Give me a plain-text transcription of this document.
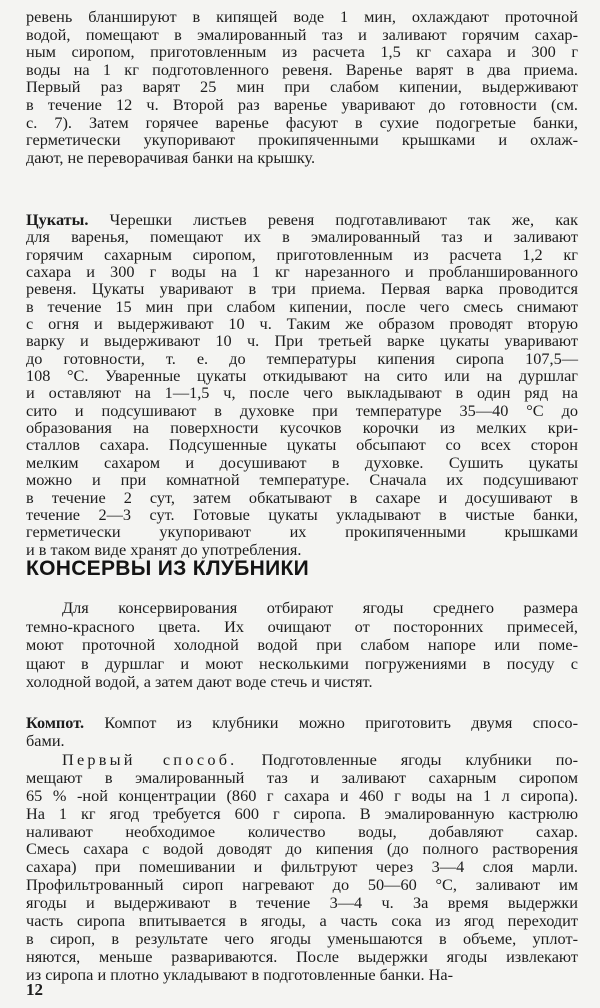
ревень бланшируют в кипящей воде 1 мин, охлаждают проточной
водой, помещают в эмалированный таз и заливают горячим сахар-
ным сиропом, приготовленным из расчета 1,5 кг сахара и 300 г
воды на 1 кг подготовленного ревеня. Варенье варят в два приема.
Первый раз варят 25 мин при слабом кипении, выдерживают
в течение 12 ч. Второй раз варенье уваривают до готовности (см.
с. 7). Затем горячее варенье фасуют в сухие подогретые банки,
герметически укупоривают прокипяченными крышками и охлаж-
дают, не переворачивая банки на крышку.
Цукаты. Черешки листьев ревеня подготавливают так же, как
для варенья, помещают их в эмалированный таз и заливают
горячим сахарным сиропом, приготовленным из расчета 1,2 кг
сахара и 300 г воды на 1 кг нарезанного и пробланшированного
ревеня. Цукаты уваривают в три приема. Первая варка проводится
в течение 15 мин при слабом кипении, после чего смесь снимают
с огня и выдерживают 10 ч. Таким же образом проводят вторую
варку и выдерживают 10 ч. При третьей варке цукаты уваривают
до готовности, т. е. до температуры кипения сиропа 107,5—
108 °С. Уваренные цукаты откидывают на сито или на дуршлаг
и оставляют на 1—1,5 ч, после чего выкладывают в один ряд на
сито и подсушивают в духовке при температуре 35—40 °С до
образования на поверхности кусочков корочки из мелких кри-
сталлов сахара. Подсушенные цукаты обсыпают со всех сторон
мелким сахаром и досушивают в духовке. Сушить цукаты
можно и при комнатной температуре. Сначала их подсушивают
в течение 2 сут, затем обкатывают в сахаре и досушивают в
течение 2—3 сут. Готовые цукаты укладывают в чистые банки,
герметически укупоривают их прокипяченными крышками
и в таком виде хранят до употребления.
КОНСЕРВЫ ИЗ КЛУБНИКИ
Для консервирования отбирают ягоды среднего размера
темно-красного цвета. Их очищают от посторонних примесей,
моют проточной холодной водой при слабом напоре или поме-
щают в дуршлаг и моют несколькими погружениями в посуду с
холодной водой, а затем дают воде стечь и чистят.
Компот. Компот из клубники можно приготовить двумя спосо-
бами.
Первый способ. Подготовленные ягоды клубники по-
мещают в эмалированный таз и заливают сахарным сиропом
65 % -ной концентрации (860 г сахара и 460 г воды на 1 л сиропа).
На 1 кг ягод требуется 600 г сиропа. В эмалированную кастрюлю
наливают необходимое количество воды, добавляют сахар.
Смесь сахара с водой доводят до кипения (до полного растворения
сахара) при помешивании и фильтруют через 3—4 слоя марли.
Профильтрованный сироп нагревают до 50—60 °С, заливают им
ягоды и выдерживают в течение 3—4 ч. За время выдержки
часть сиропа впитывается в ягоды, а часть сока из ягод переходит
в сироп, в результате чего ягоды уменьшаются в объеме, уплот-
няются, меньше развариваются. После выдержки ягоды извлекают
из сиропа и плотно укладывают в подготовленные банки. На-
12
